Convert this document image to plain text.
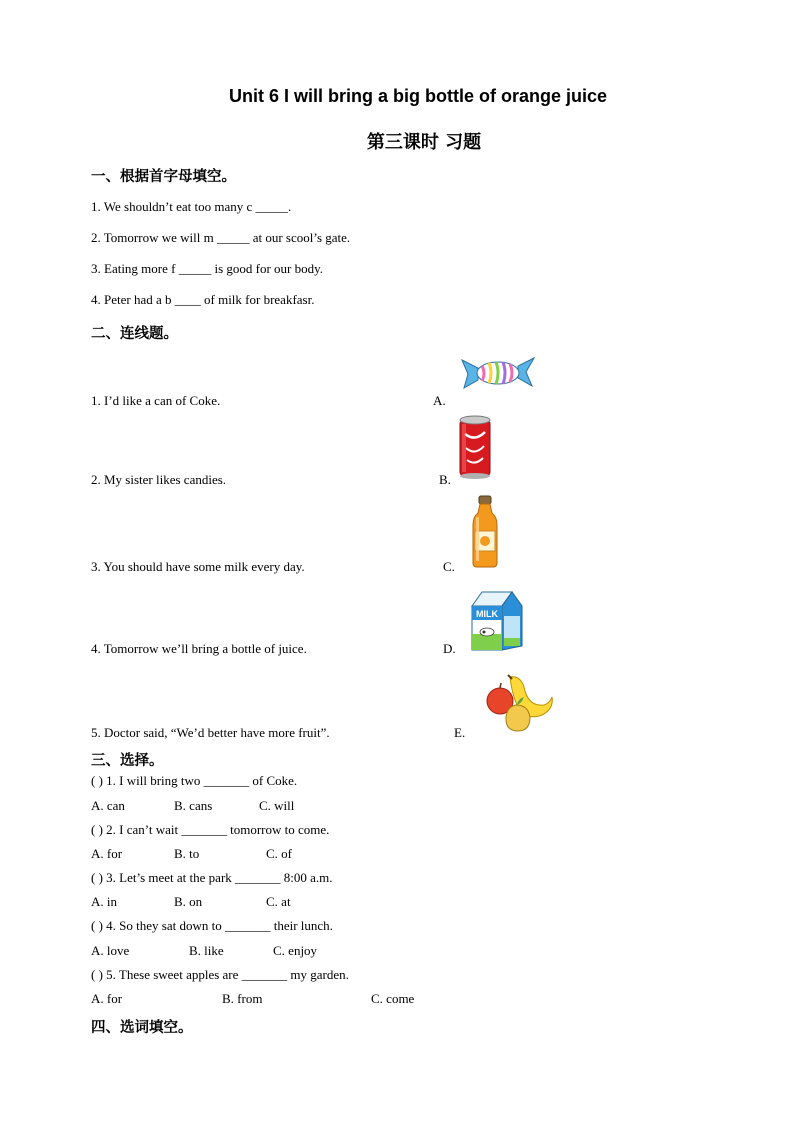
Unit 6 I will bring a big bottle of orange juice
第三课时 习题
一、根据首字母填空。
1. We shouldn’t eat too many c _____.
2. Tomorrow we will m _____ at our scool’s gate.
3. Eating more f _____ is good for our body.
4. Peter had a b ____ of milk for breakfasr.
二、连线题。
1. I’d like a can of Coke.	A.
2. My sister likes candies.	B.
3. You should have some milk every day.	C.
4. Tomorrow we’ll bring a bottle of juice.	D.
MILK
5. Doctor said, “We’d better have more fruit”.	E.
三、选择。
( ) 1. I will bring two _______ of Coke.
A. can	B. cans	C. will
( ) 2. I can’t wait _______ tomorrow to come.
A. for	B. to	C. of
( ) 3. Let’s meet at the park _______ 8:00 a.m.
A. in	B. on	C. at
( ) 4. So they sat down to _______ their lunch.
A. love	B. like	C. enjoy
( ) 5. These sweet apples are _______ my garden.
A. for	B. from	C. come
四、选词填空。
